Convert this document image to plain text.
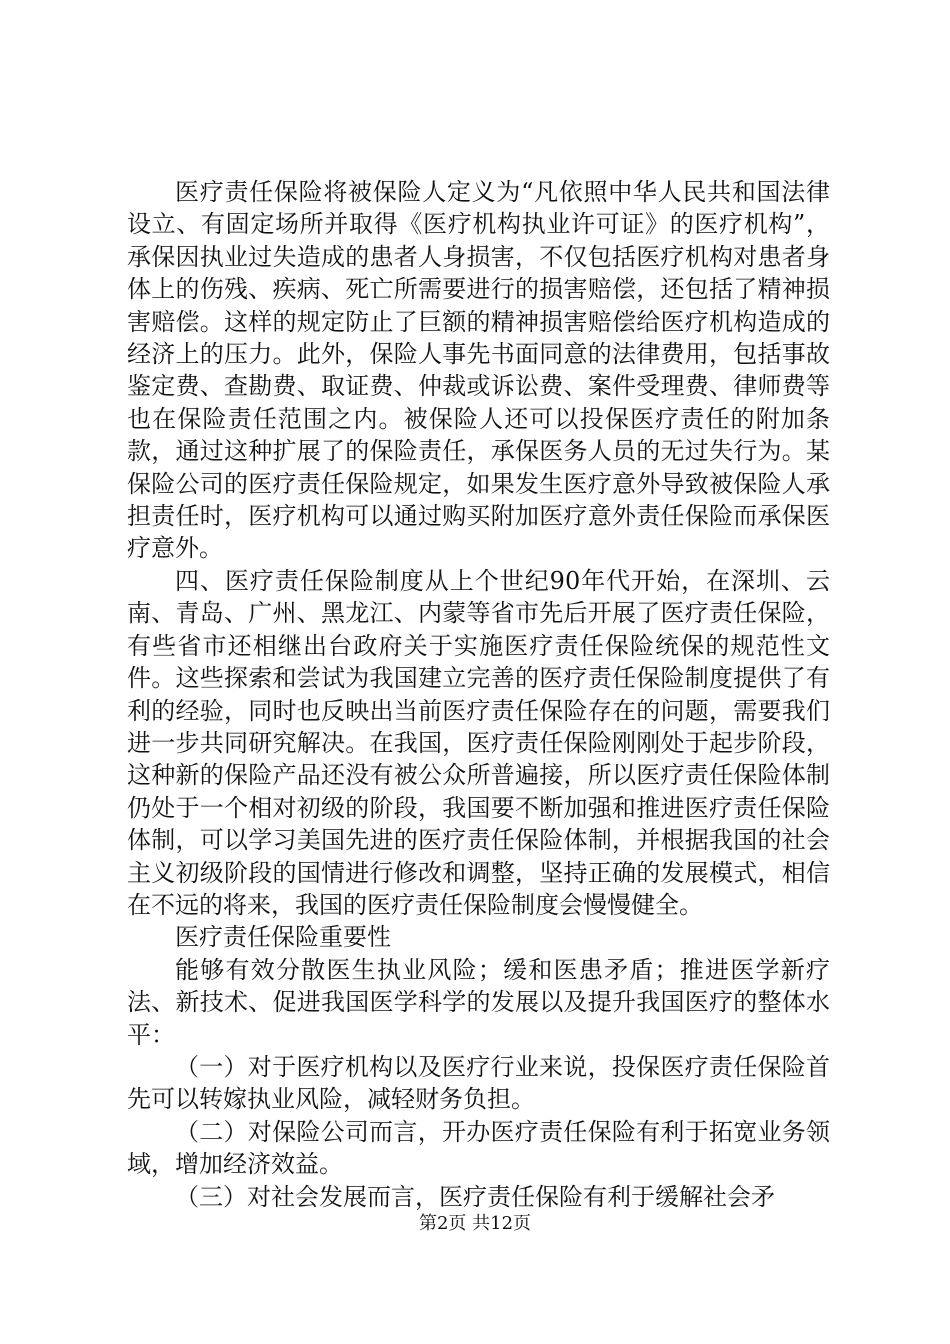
医疗责任保险将被保险人定义为“凡依照中华人民共和国法律设立、有固定场所并取得《医疗机构执业许可证》的医疗机构”，承保因执业过失造成的患者人身损害，不仅包括医疗机构对患者身体上的伤残、疾病、死亡所需要进行的损害赔偿，还包括了精神损害赔偿。这样的规定防止了巨额的精神损害赔偿给医疗机构造成的经济上的压力。此外，保险人事先书面同意的法律费用，包括事故鉴定费、查勘费、取证费、仲裁或诉讼费、案件受理费、律师费等也在保险责任范围之内。被保险人还可以投保医疗责任的附加条款，通过这种扩展了的保险责任，承保医务人员的无过失行为。某保险公司的医疗责任保险规定，如果发生医疗意外导致被保险人承担责任时，医疗机构可以通过购买附加医疗意外责任保险而承保医疗意外。

四、医疗责任保险制度从上个世纪90年代开始，在深圳、云南、青岛、广州、黑龙江、内蒙等省市先后开展了医疗责任保险，有些省市还相继出台政府关于实施医疗责任保险统保的规范性文件。这些探索和尝试为我国建立完善的医疗责任保险制度提供了有利的经验，同时也反映出当前医疗责任保险存在的问题，需要我们进一步共同研究解决。在我国，医疗责任保险刚刚处于起步阶段，这种新的保险产品还没有被公众所普遍接，所以医疗责任保险体制仍处于一个相对初级的阶段，我国要不断加强和推进医疗责任保险体制，可以学习美国先进的医疗责任保险体制，并根据我国的社会主义初级阶段的国情进行修改和调整，坚持正确的发展模式，相信在不远的将来，我国的医疗责任保险制度会慢慢健全。

医疗责任保险重要性

能够有效分散医生执业风险；缓和医患矛盾；推进医学新疗法、新技术、促进我国医学科学的发展以及提升我国医疗的整体水平：

（一）对于医疗机构以及医疗行业来说，投保医疗责任保险首先可以转嫁执业风险，减轻财务负担。

（二）对保险公司而言，开办医疗责任保险有利于拓宽业务领域，增加经济效益。

（三）对社会发展而言，医疗责任保险有利于缓解社会矛

第2页 共12页
